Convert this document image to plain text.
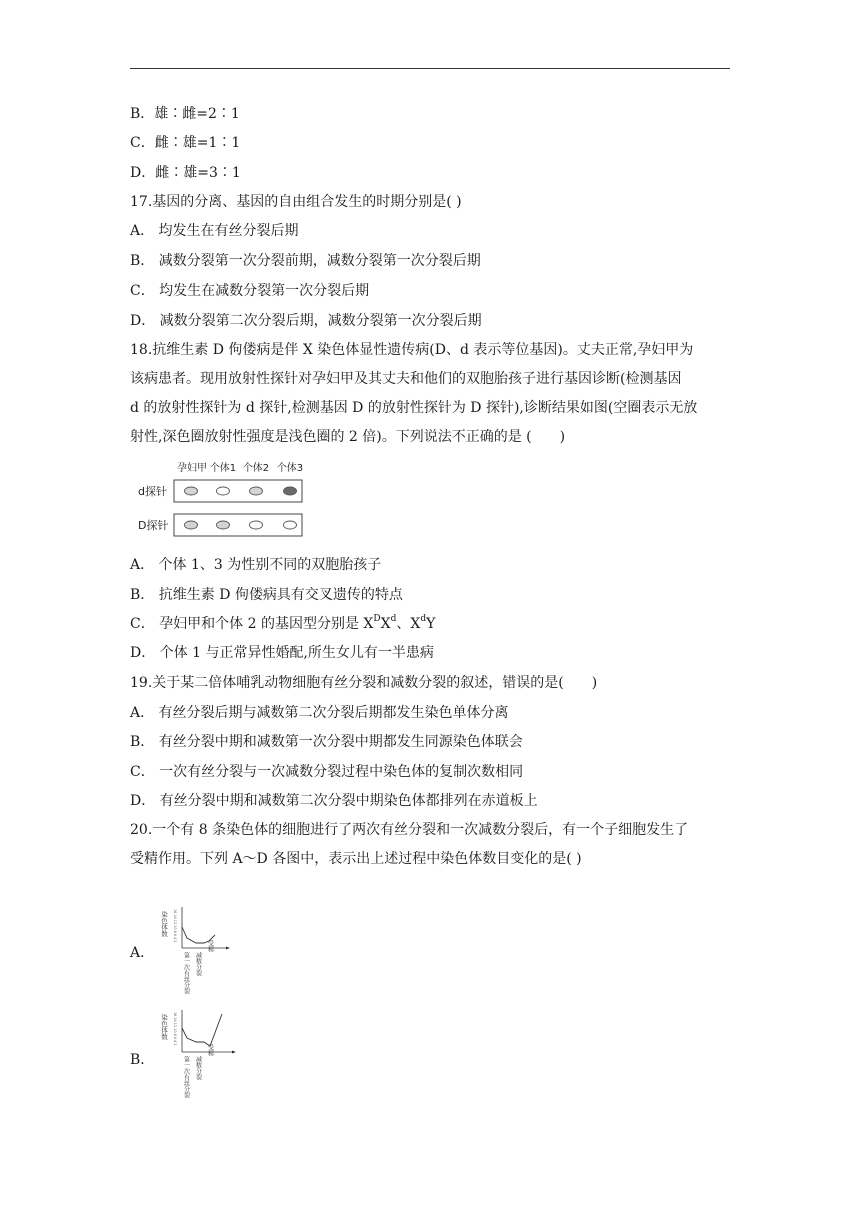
B．雄∶雌=2∶1
C．雌∶雄=1∶1
D．雌∶雄=3∶1
17.基因的分离、基因的自由组合发生的时期分别是( )
A． 均发生在有丝分裂后期
B． 减数分裂第一次分裂前期，减数分裂第一次分裂后期
C． 均发生在减数分裂第一次分裂后期
D． 减数分裂第二次分裂后期，减数分裂第一次分裂后期
18.抗维生素 D 佝偻病是伴 X 染色体显性遗传病(D、d 表示等位基因)。丈夫正常,孕妇甲为
该病患者。现用放射性探针对孕妇甲及其丈夫和他们的双胞胎孩子进行基因诊断(检测基因
d 的放射性探针为 d 探针,检测基因 D 的放射性探针为 D 探针),诊断结果如图(空圈表示无放
射性,深色圈放射性强度是浅色圈的 2 倍)。下列说法不正确的是 (　　)
孕妇甲 个体1 个体2 个体3
d探针
D探针
A． 个体 1、3 为性别不同的双胞胎孩子
B． 抗维生素 D 佝偻病具有交叉遗传的特点
C． 孕妇甲和个体 2 的基因型分别是 $X^DX^d$、$X^dY$
D． 个体 1 与正常异性婚配,所生女儿有一半患病
19.关于某二倍体哺乳动物细胞有丝分裂和减数分裂的叙述，错误的是(　　)
A． 有丝分裂后期与减数第二次分裂后期都发生染色单体分离
B． 有丝分裂中期和减数第一次分裂中期都发生同源染色体联会
C． 一次有丝分裂与一次减数分裂过程中染色体的复制次数相同
D． 有丝分裂中期和减数第二次分裂中期染色体都排列在赤道板上
20.一个有 8 条染色体的细胞进行了两次有丝分裂和一次减数分裂后，有一个子细胞发生了
受精作用。下列 A～D 各图中，表示出上述过程中染色体数目变化的是( )
A．
染色体数 16 14 12 10 8 6 4 2
第一次有丝分裂 减数分裂
受精
B．
染色体数 16 14 12 10 8 6 4 2
第一次有丝分裂 减数分裂
受精
